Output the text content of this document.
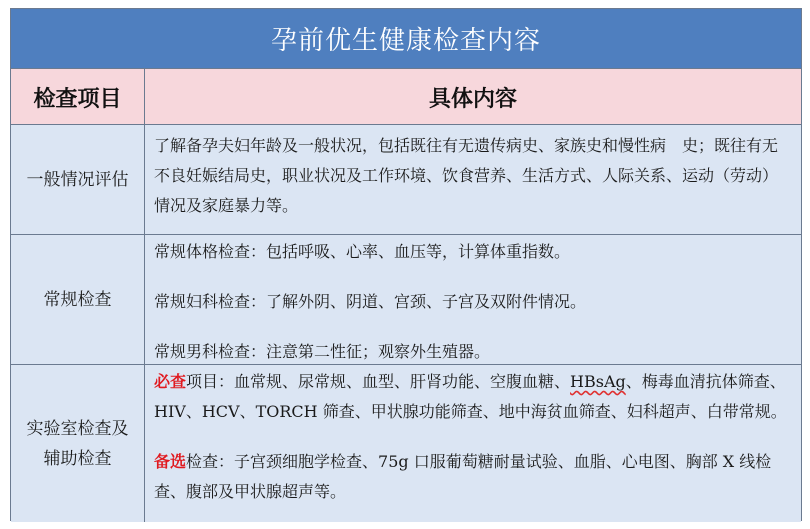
孕前优生健康检查内容
检查项目	具体内容
一般情况评估
了解备孕夫妇年龄及一般状况，包括既往有无遗传病史、家族史和慢性病　史；既往有无不良妊娠结局史，职业状况及工作环境、饮食营养、生活方式、人际关系、运动（劳动）情况及家庭暴力等。
常规检查
常规体格检查：包括呼吸、心率、血压等，计算体重指数。
常规妇科检查：了解外阴、阴道、宫颈、子宫及双附件情况。
常规男科检查：注意第二性征；观察外生殖器。
实验室检查及
辅助检查
必查项目：血常规、尿常规、血型、肝肾功能、空腹血糖、HBsAg、梅毒血清抗体筛查、HIV、HCV、TORCH 筛查、甲状腺功能筛查、地中海贫血筛查、妇科超声、白带常规。
备选检查：子宫颈细胞学检查、75g 口服葡萄糖耐量试验、血脂、心电图、胸部 X 线检查、腹部及甲状腺超声等。
